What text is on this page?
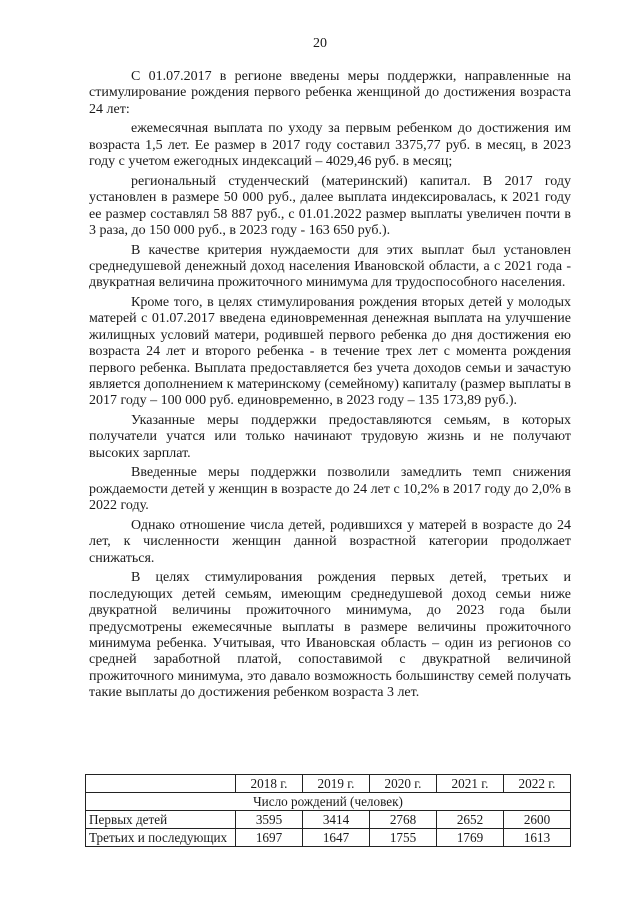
20

С 01.07.2017 в регионе введены меры поддержки, направленные на стимулирование рождения первого ребенка женщиной до достижения возраста 24 лет:

ежемесячная выплата по уходу за первым ребенком до достижения им возраста 1,5 лет. Ее размер в 2017 году составил 3375,77 руб. в месяц, в 2023 году с учетом ежегодных индексаций – 4029,46 руб. в месяц;

региональный студенческий (материнский) капитал. В 2017 году установлен в размере 50 000 руб., далее выплата индексировалась, к 2021 году ее размер составлял 58 887 руб., с 01.01.2022 размер выплаты увеличен почти в 3 раза, до 150 000 руб., в 2023 году - 163 650 руб.).

В качестве критерия нуждаемости для этих выплат был установлен среднедушевой денежный доход населения Ивановской области, а с 2021 года - двукратная величина прожиточного минимума для трудоспособного населения.

Кроме того, в целях стимулирования рождения вторых детей у молодых матерей с 01.07.2017 введена единовременная денежная выплата на улучшение жилищных условий матери, родившей первого ребенка до дня достижения ею возраста 24 лет и второго ребенка - в течение трех лет с момента рождения первого ребенка. Выплата предоставляется без учета доходов семьи и зачастую является дополнением к материнскому (семейному) капиталу (размер выплаты в 2017 году – 100 000 руб. единовременно, в 2023 году – 135 173,89 руб.).

Указанные меры поддержки предоставляются семьям, в которых получатели учатся или только начинают трудовую жизнь и не получают высоких зарплат.

Введенные меры поддержки позволили замедлить темп снижения рождаемости детей у женщин в возрасте до 24 лет с 10,2% в 2017 году до 2,0% в 2022 году.

Однако отношение числа детей, родившихся у матерей в возрасте до 24 лет, к численности женщин данной возрастной категории продолжает снижаться.

В целях стимулирования рождения первых детей, третьих и последующих детей семьям, имеющим среднедушевой доход семьи ниже двукратной величины прожиточного минимума, до 2023 года были предусмотрены ежемесячные выплаты в размере величины прожиточного минимума ребенка. Учитывая, что Ивановская область – один из регионов со средней заработной платой, сопоставимой с двукратной величиной прожиточного минимума, это давало возможность большинству семей получать такие выплаты до достижения ребенком возраста 3 лет.

	2018 г.	2019 г.	2020 г.	2021 г.	2022 г.
Число рождений (человек)					
Первых детей	3595	3414	2768	2652	2600
Третьих и последующих	1697	1647	1755	1769	1613
